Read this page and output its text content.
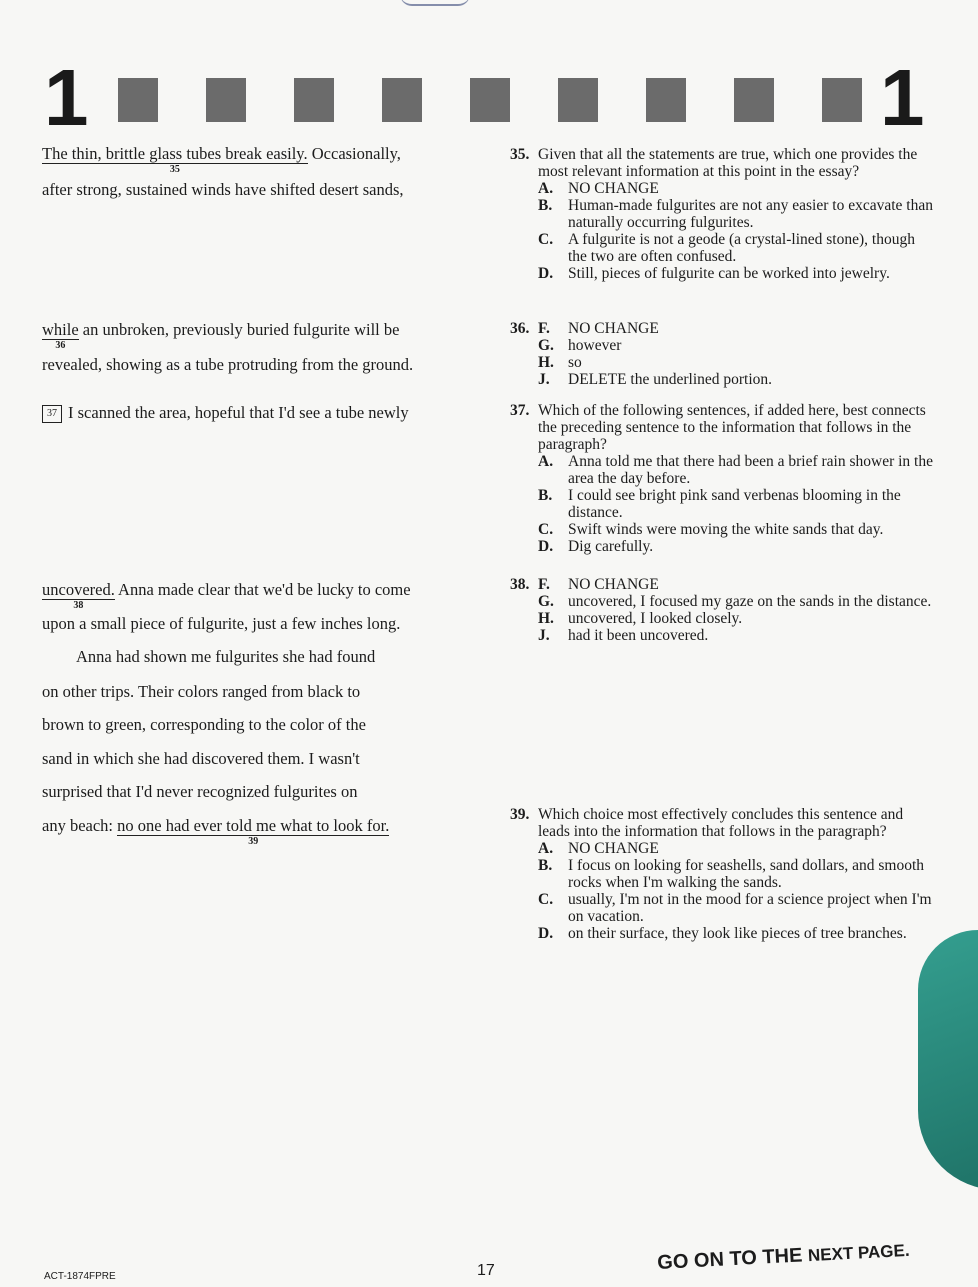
1	1
The thin, brittle glass tubes break easily.
35
Occasionally,
after strong, sustained winds have shifted desert sands,
while
36
an unbroken, previously buried fulgurite will be
revealed, showing as a tube protruding from the ground.
37 I scanned the area, hopeful that I'd see a tube newly
uncovered.
38
Anna made clear that we'd be lucky to come
upon a small piece of fulgurite, just a few inches long.
Anna had shown me fulgurites she had found
on other trips. Their colors ranged from black to
brown to green, corresponding to the color of the
sand in which she had discovered them. I wasn't
surprised that I'd never recognized fulgurites on
any beach: no one had ever told me what to look for.
39
35. Given that all the statements are true, which one provides the most relevant information at this point in the essay?
A. NO CHANGE
B.	Human-made fulgurites are not any easier to excavate than naturally occurring fulgurites.
C. A fulgurite is not a geode (a crystal-lined stone), though the two are often confused.
D. Still, pieces of fulgurite can be worked into jewelry.
36. F.	NO CHANGE
G. however
H. so
J.	DELETE the underlined portion.
37. Which of the following sentences, if added here, best connects the preceding sentence to the information that follows in the paragraph?
A. Anna told me that there had been a brief rain shower in the area the day before.
B.	I could see bright pink sand verbenas blooming in the distance.
C. Swift winds were moving the white sands that day.
D. Dig carefully.
38. F.	NO CHANGE
G. uncovered, I focused my gaze on the sands in the distance.
H. uncovered, I looked closely.
J.	had it been uncovered.
39. Which choice most effectively concludes this sentence and leads into the information that follows in the paragraph?
A. NO CHANGE
B.	I focus on looking for seashells, sand dollars, and smooth rocks when I'm walking the sands.
C. usually, I'm not in the mood for a science project when I'm on vacation.
D. on their surface, they look like pieces of tree branches.
ACT-1874FPRE	17	GO ON TO THE NEXT PAGE.
